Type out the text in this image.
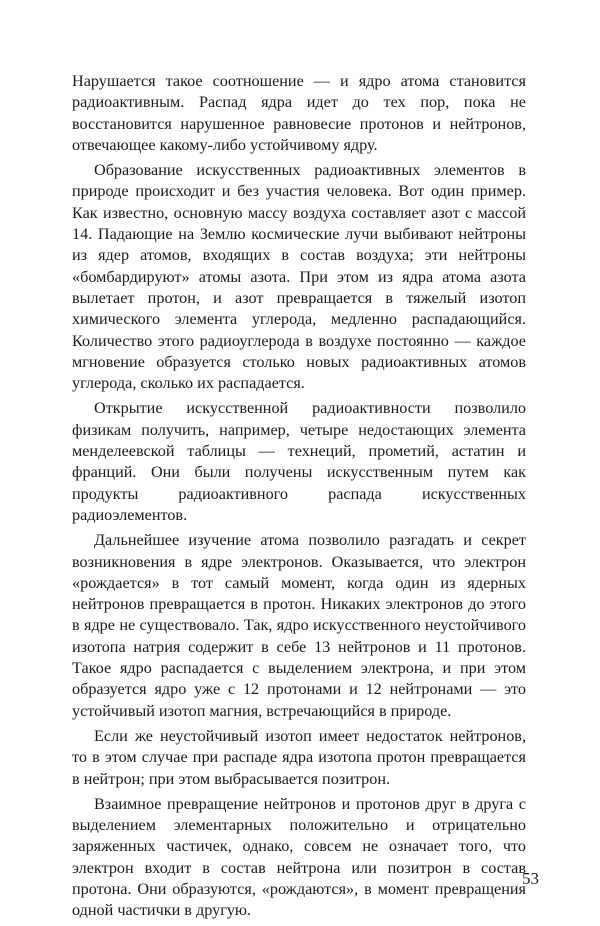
Нарушается такое соотношение — и ядро атома становится радиоактивным. Распад ядра идет до тех пор, пока не восстановится нарушенное равновесие протонов и нейтронов, отвечающее какому-либо устойчивому ядру.

Образование искусственных радиоактивных элементов в природе происходит и без участия человека. Вот один пример. Как известно, основную массу воздуха составляет азот с массой 14. Падающие на Землю космические лучи выбивают нейтроны из ядер атомов, входящих в состав воздуха; эти нейтроны «бомбардируют» атомы азота. При этом из ядра атома азота вылетает протон, и азот превращается в тяжелый изотоп химического элемента углерода, медленно распадающийся. Количество этого радиоуглерода в воздухе постоянно — каждое мгновение образуется столько новых радиоактивных атомов углерода, сколько их распадается.

Открытие искусственной радиоактивности позволило физикам получить, например, четыре недостающих элемента менделеевской таблицы — технеций, прометий, астатин и франций. Они были получены искусственным путем как продукты радиоактивного распада искусственных радиоэлементов.

Дальнейшее изучение атома позволило разгадать и секрет возникновения в ядре электронов. Оказывается, что электрон «рождается» в тот самый момент, когда один из ядерных нейтронов превращается в протон. Никаких электронов до этого в ядре не существовало. Так, ядро искусственного неустойчивого изотопа натрия содержит в себе 13 нейтронов и 11 протонов. Такое ядро распадается с выделением электрона, и при этом образуется ядро уже с 12 протонами и 12 нейтронами — это устойчивый изотоп магния, встречающийся в природе.

Если же неустойчивый изотоп имеет недостаток нейтронов, то в этом случае при распаде ядра изотопа протон превращается в нейтрон; при этом выбрасывается позитрон.

Взаимное превращение нейтронов и протонов друг в друга с выделением элементарных положительно и отрицательно заряженных частичек, однако, совсем не означает того, что электрон входит в состав нейтрона или позитрон в состав протона. Они образуются, «рождаются», в момент превращения одной частички в другую.

53
